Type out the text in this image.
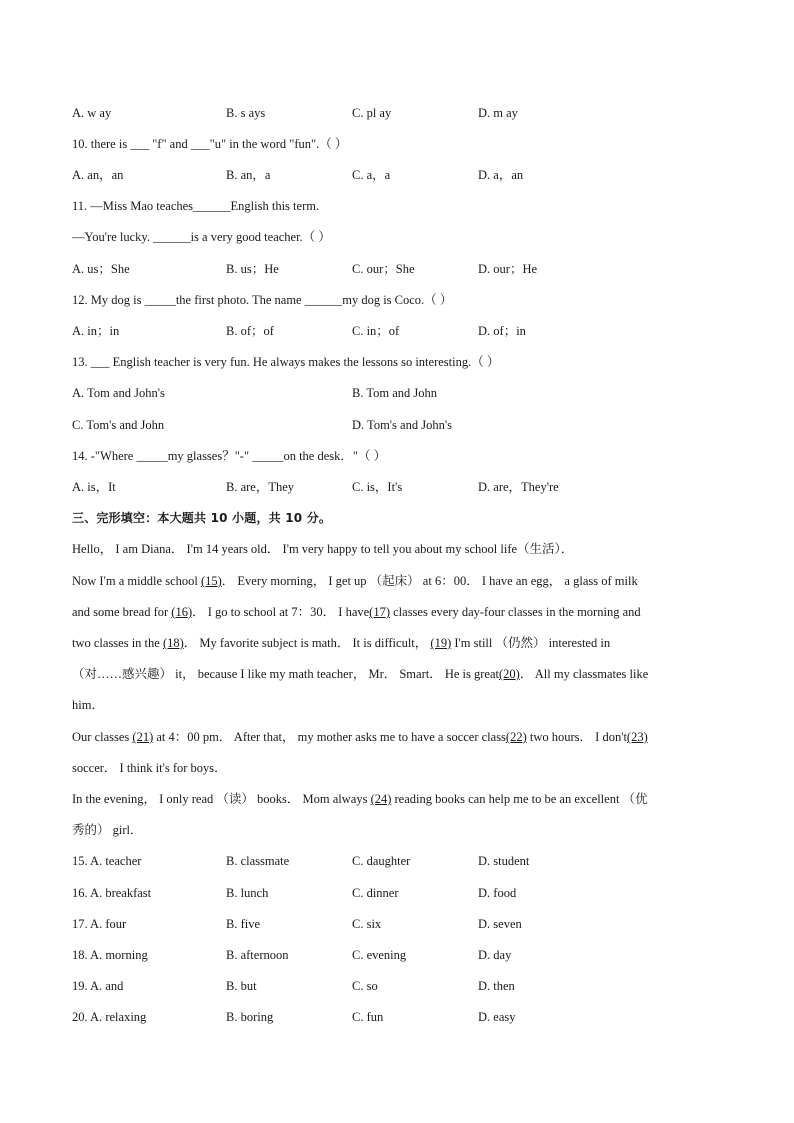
A. w ay	B. s ays	C. pl ay	D. m ay
10. there is ___ "f" and ___"u" in the word "fun".（ ）
A. an，an	B. an，a	C. a，a	D. a，an
11. —Miss Mao teaches______English this term.
—You're lucky. ______is a very good teacher.（ ）
A. us；She	B. us；He	C. our；She	D. our；He
12. My dog is _____the first photo. The name ______my dog is Coco.（ ）
A. in；in	B. of；of	C. in；of	D. of；in
13. ___ English teacher is very fun. He always makes the lessons so interesting.（ ）
A. Tom and John's	B. Tom and John
C. Tom's and John	D. Tom's and John's
14. -"Where _____my glasses？"-" _____on the desk．"（ ）
A. is，It	B. are，They	C. is，It's	D. are，They're
三、完形填空：本大题共 10 小题，共 10 分。
Hello， I am Diana． I'm 14 years old． I'm very happy to tell you about my school life（生活）．
Now I'm a middle school (15)． Every morning， I get up （起床） at 6：00． I have an egg， a glass of milk
and some bread for (16)． I go to school at 7：30． I have(17) classes every day-four classes in the morning and
two classes in the (18)． My favorite subject is math． It is difficult， (19) I'm still （仍然） interested in
（对……感兴趣） it， because I like my math teacher， Mr． Smart． He is great(20)． All my classmates like
him．
Our classes (21) at 4：00 pm． After that， my mother asks me to have a soccer class(22) two hours． I don't(23)
soccer． I think it's for boys．
In the evening， I only read （读） books． Mom always (24) reading books can help me to be an excellent （优
秀的） girl．
15. A. teacher	B. classmate	C. daughter	D. student
16. A. breakfast	B. lunch	C. dinner	D. food
17. A. four	B. five	C. six	D. seven
18. A. morning	B. afternoon	C. evening	D. day
19. A. and	B. but	C. so	D. then
20. A. relaxing	B. boring	C. fun	D. easy
